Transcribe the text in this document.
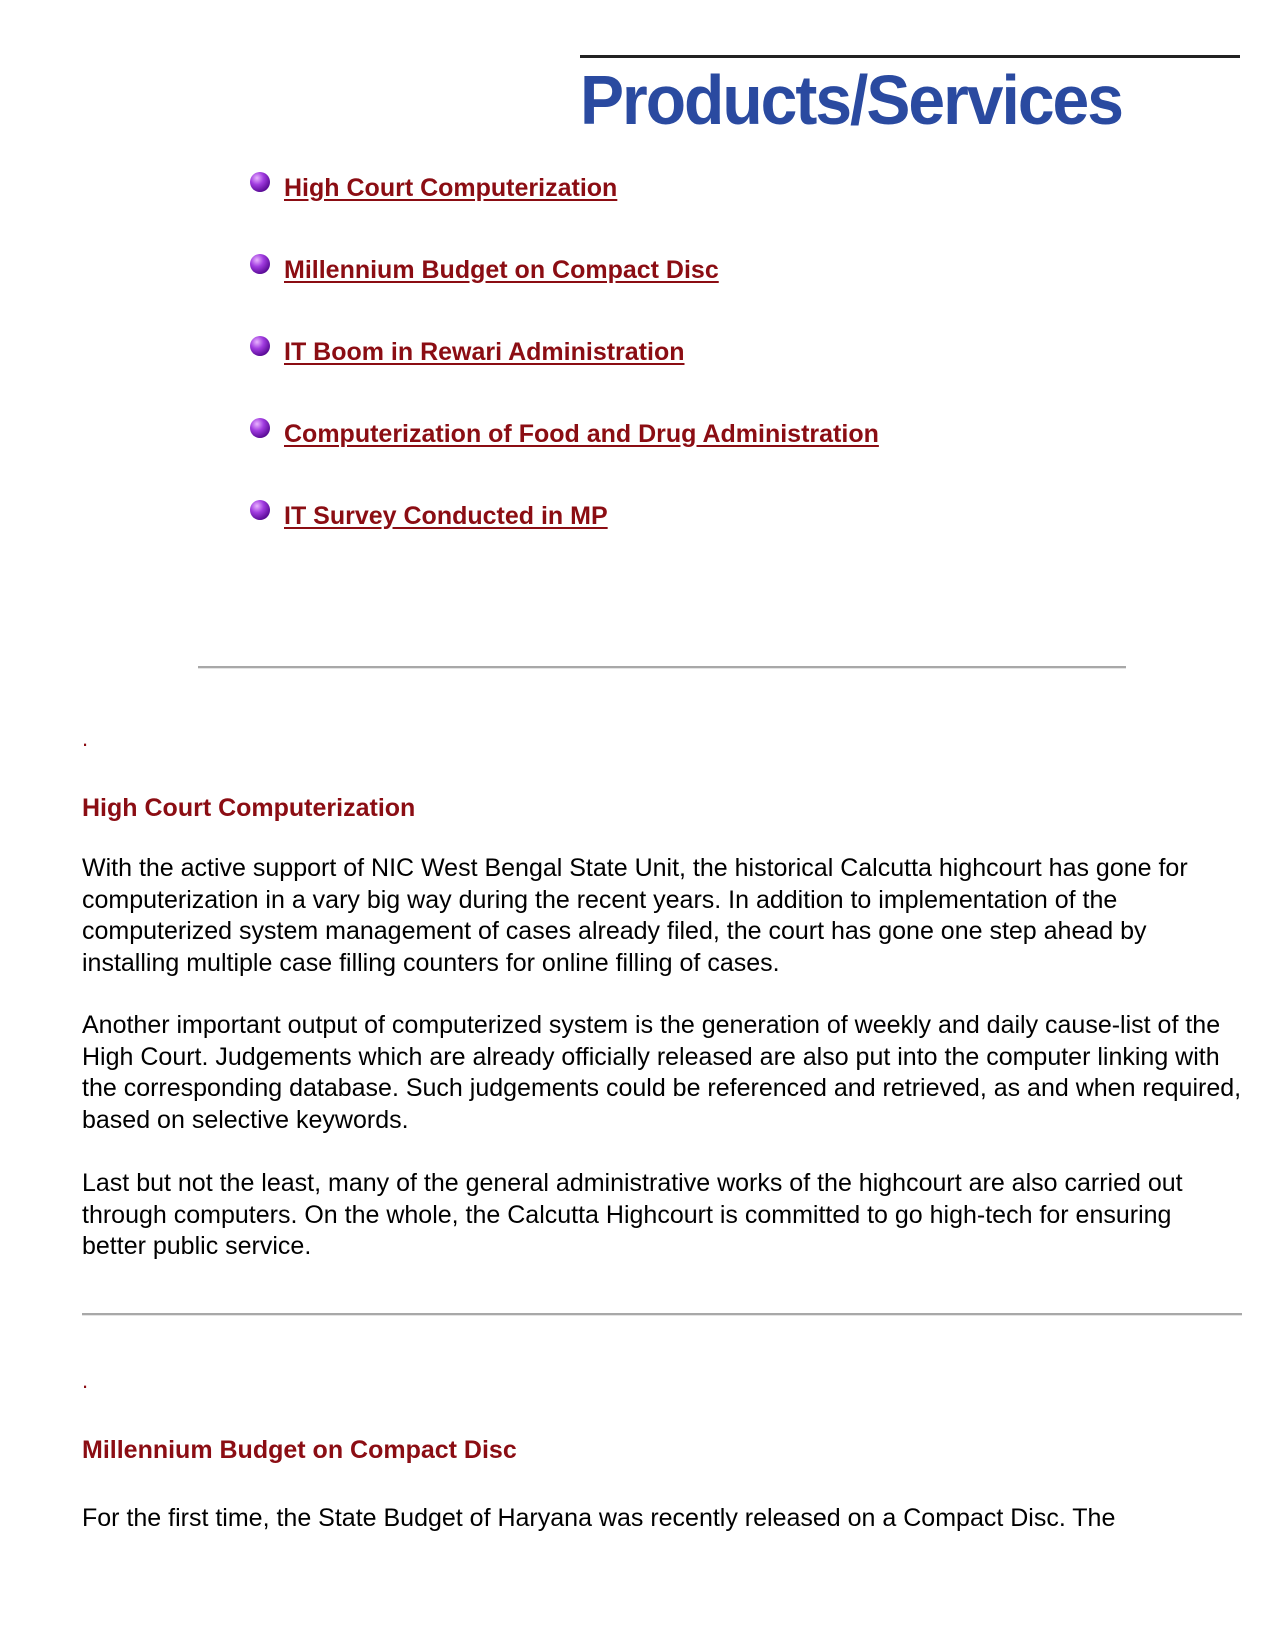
Products/Services
High Court Computerization
Millennium Budget on Compact Disc
IT Boom in Rewari Administration
Computerization of Food and Drug Administration
IT Survey Conducted in MP
.
High Court Computerization

With the active support of NIC West Bengal State Unit, the historical Calcutta highcourt has gone for computerization in a vary big way during the recent years. In addition to implementation of the computerized system management of cases already filed, the court has gone one step ahead by installing multiple case filling counters for online filling of cases.

Another important output of computerized system is the generation of weekly and daily cause-list of the High Court. Judgements which are already officially released are also put into the computer linking with the corresponding database. Such judgements could be referenced and retrieved, as and when required, based on selective keywords.

Last but not the least, many of the general administrative works of the highcourt are also carried out through computers. On the whole, the Calcutta Highcourt is committed to go high-tech for ensuring better public service.

.
Millennium Budget on Compact Disc

For the first time, the State Budget of Haryana was recently released on a Compact Disc. The
